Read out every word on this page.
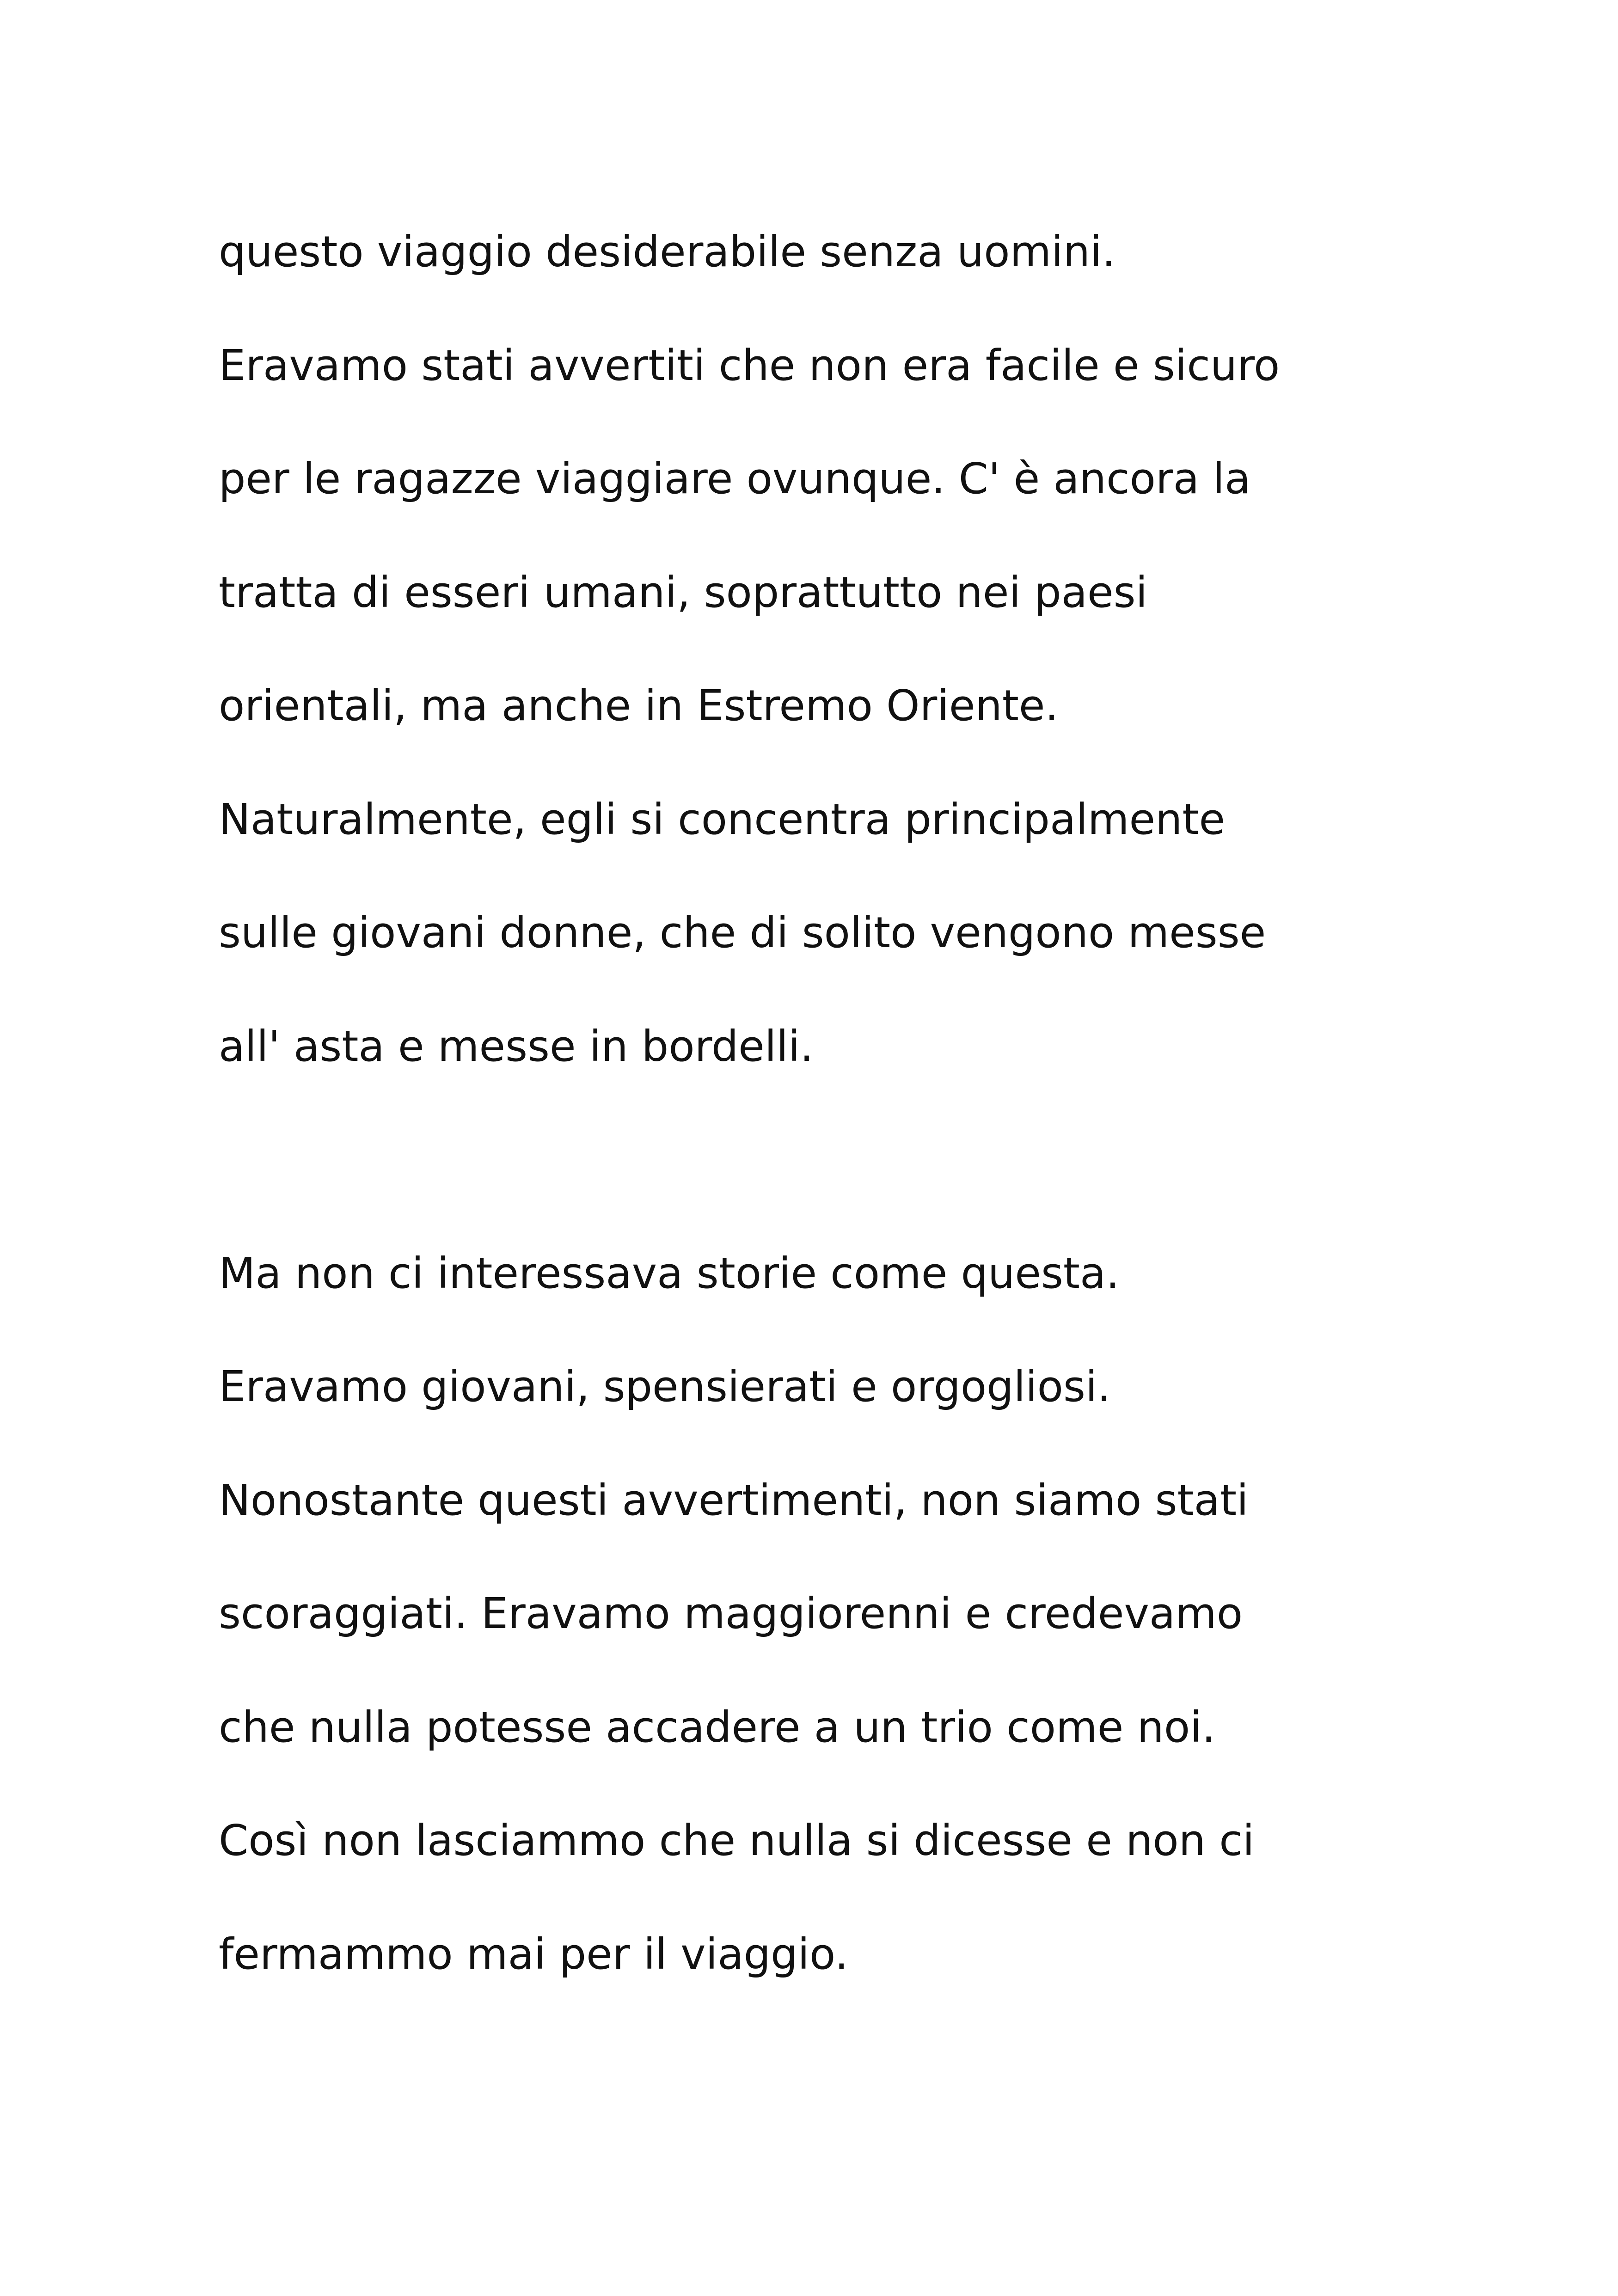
questo viaggio desiderabile senza uomini.

Eravamo stati avvertiti che non era facile e sicuro

per le ragazze viaggiare ovunque. C' è ancora la

tratta di esseri umani, soprattutto nei paesi

orientali, ma anche in Estremo Oriente.

Naturalmente, egli si concentra principalmente

sulle giovani donne, che di solito vengono messe

all' asta e messe in bordelli.

Ma non ci interessava storie come questa.

Eravamo giovani, spensierati e orgogliosi.

Nonostante questi avvertimenti, non siamo stati

scoraggiati. Eravamo maggiorenni e credevamo

che nulla potesse accadere a un trio come noi.

Così non lasciammo che nulla si dicesse e non ci

fermammo mai per il viaggio.
